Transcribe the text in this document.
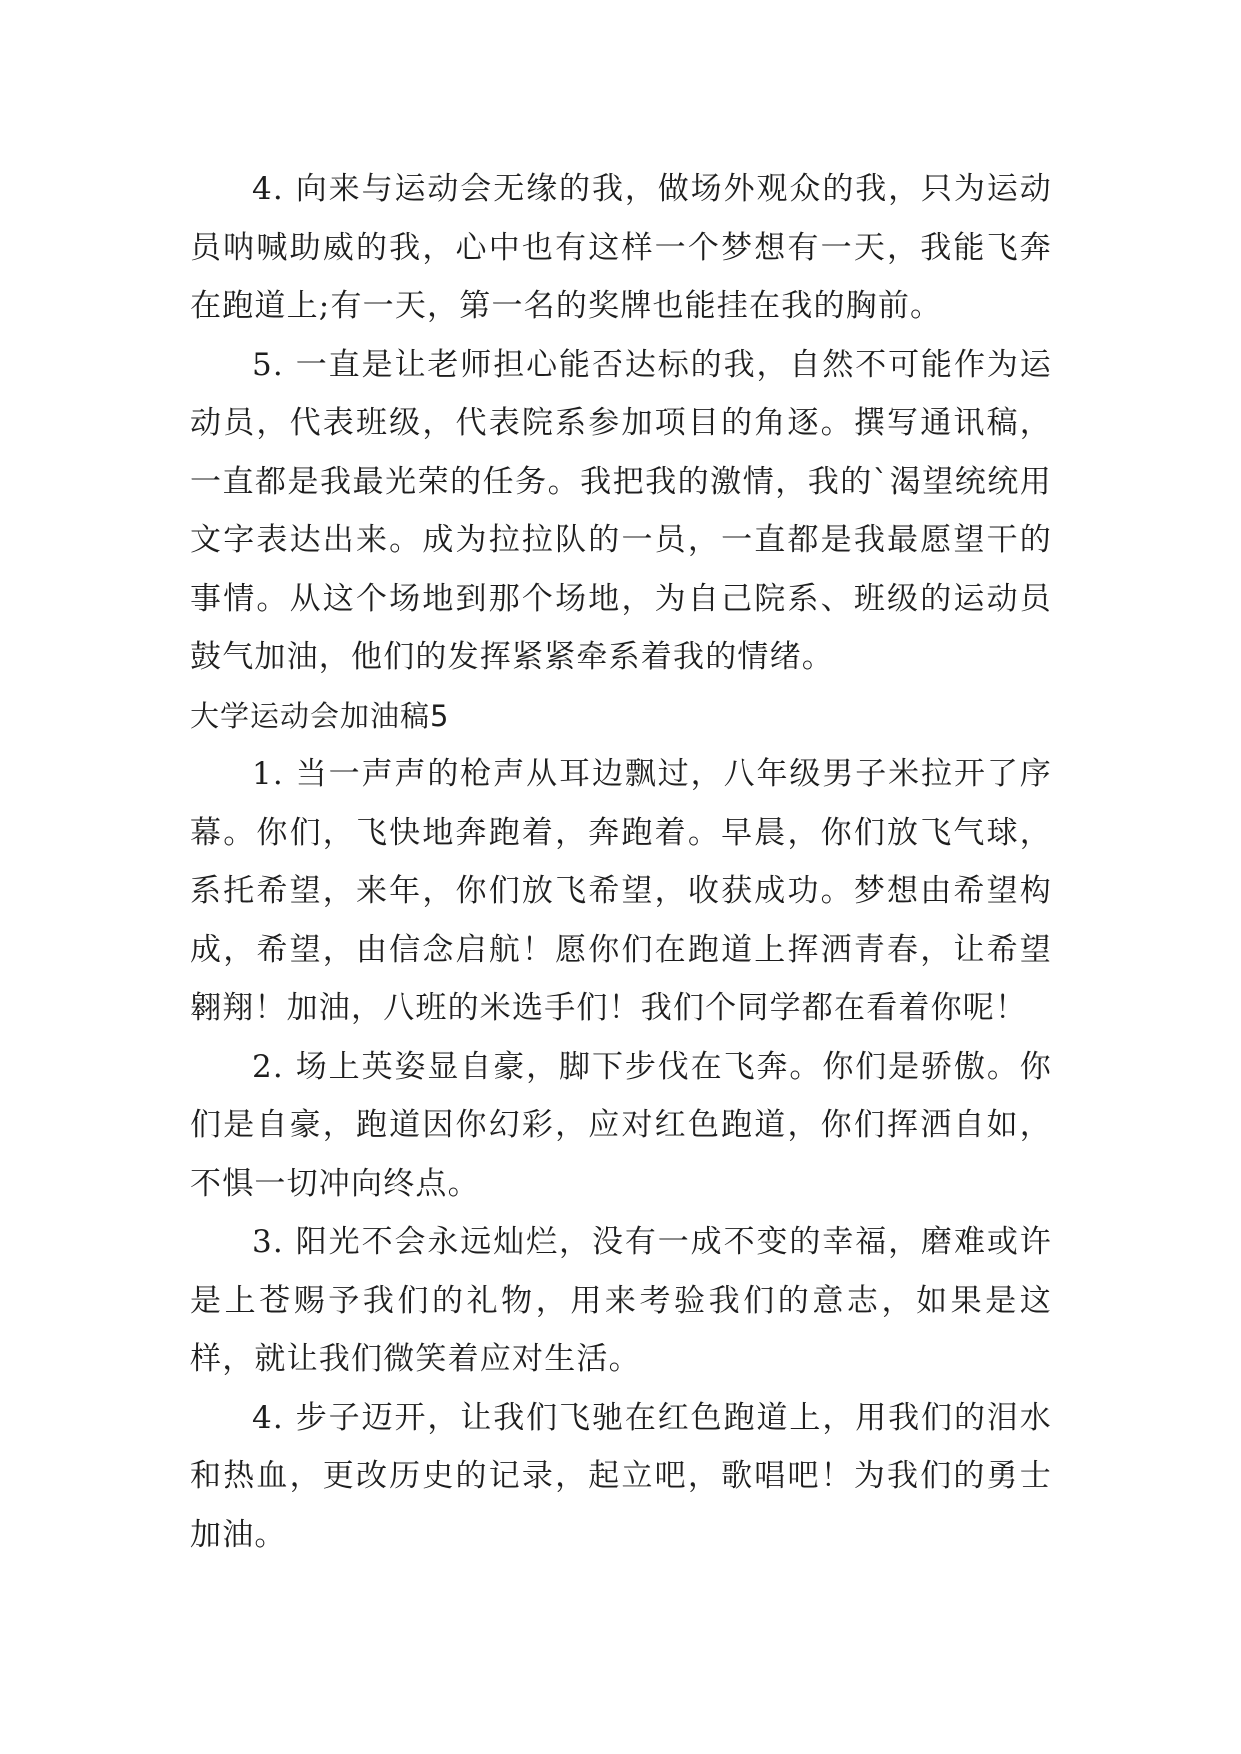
4. 向来与运动会无缘的我，做场外观众的我，只为运动员呐喊助威的我，心中也有这样一个梦想有一天，我能飞奔在跑道上;有一天，第一名的奖牌也能挂在我的胸前。

5. 一直是让老师担心能否达标的我，自然不可能作为运动员，代表班级，代表院系参加项目的角逐。撰写通讯稿，一直都是我最光荣的任务。我把我的激情，我的`渴望统统用文字表达出来。成为拉拉队的一员，一直都是我最愿望干的事情。从这个场地到那个场地，为自己院系、班级的运动员鼓气加油，他们的发挥紧紧牵系着我的情绪。

大学运动会加油稿5

1. 当一声声的枪声从耳边飘过，八年级男子米拉开了序幕。你们，飞快地奔跑着，奔跑着。早晨，你们放飞气球，系托希望，来年，你们放飞希望，收获成功。梦想由希望构成，希望，由信念启航！愿你们在跑道上挥洒青春，让希望翱翔！加油，八班的米选手们！我们个同学都在看着你呢！

2. 场上英姿显自豪，脚下步伐在飞奔。你们是骄傲。你们是自豪，跑道因你幻彩，应对红色跑道，你们挥洒自如，不惧一切冲向终点。

3. 阳光不会永远灿烂，没有一成不变的幸福，磨难或许是上苍赐予我们的礼物，用来考验我们的意志，如果是这样，就让我们微笑着应对生活。

4. 步子迈开，让我们飞驰在红色跑道上，用我们的泪水和热血，更改历史的记录，起立吧，歌唱吧！为我们的勇士加油。
